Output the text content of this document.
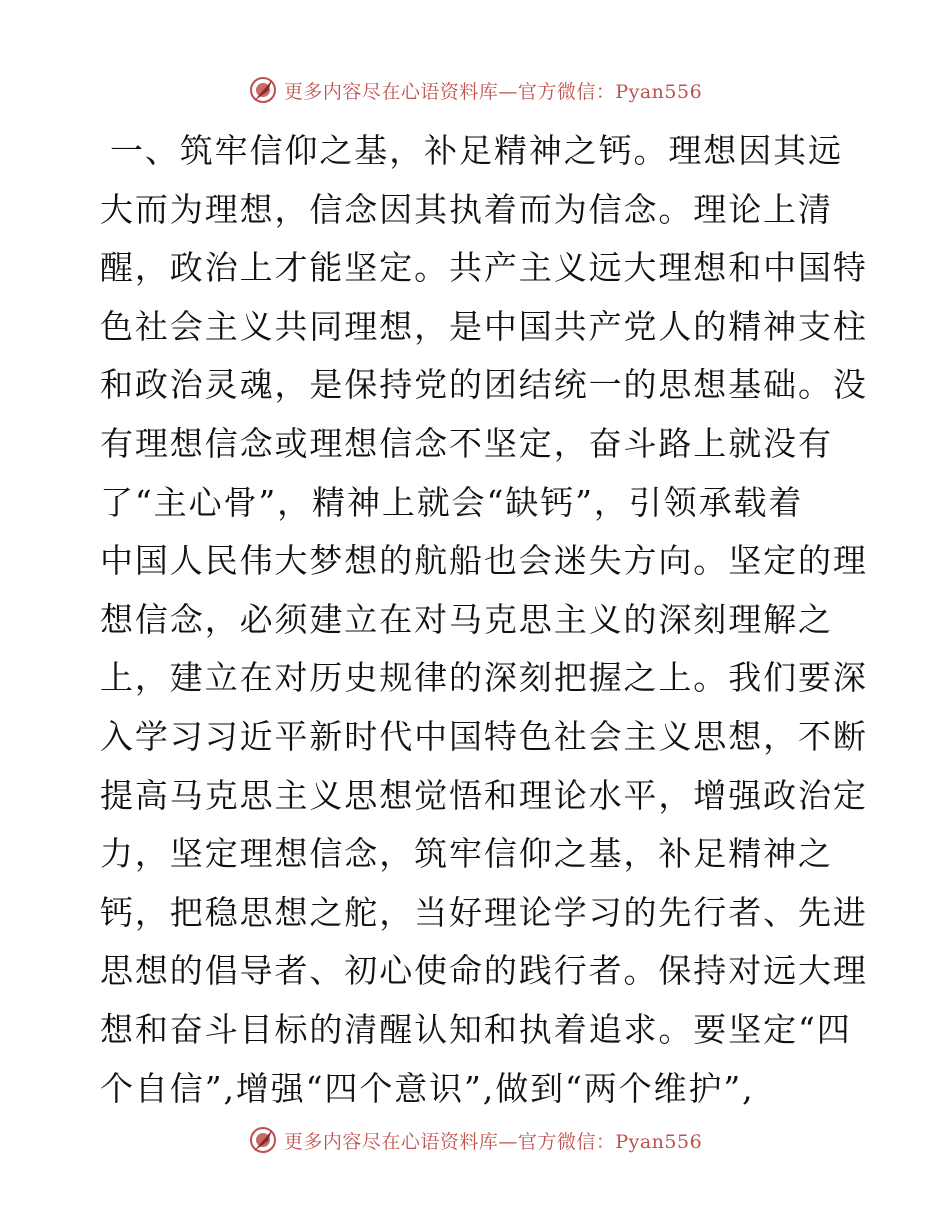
更多内容尽在心语资料库—官方微信：Pyan556
一、筑牢信仰之基，补足精神之钙。理想因其远
大而为理想，信念因其执着而为信念。理论上清
醒，政治上才能坚定。共产主义远大理想和中国特
色社会主义共同理想，是中国共产党人的精神支柱
和政治灵魂，是保持党的团结统一的思想基础。没
有理想信念或理想信念不坚定，奋斗路上就没有
了“主心骨”，精神上就会“缺钙”，引领承载着
中国人民伟大梦想的航船也会迷失方向。坚定的理
想信念，必须建立在对马克思主义的深刻理解之
上，建立在对历史规律的深刻把握之上。我们要深
入学习习近平新时代中国特色社会主义思想，不断
提高马克思主义思想觉悟和理论水平，增强政治定
力，坚定理想信念，筑牢信仰之基，补足精神之
钙，把稳思想之舵，当好理论学习的先行者、先进
思想的倡导者、初心使命的践行者。保持对远大理
想和奋斗目标的清醒认知和执着追求。要坚定“四
个自信”,增强“四个意识”,做到“两个维护”,
更多内容尽在心语资料库—官方微信：Pyan556
